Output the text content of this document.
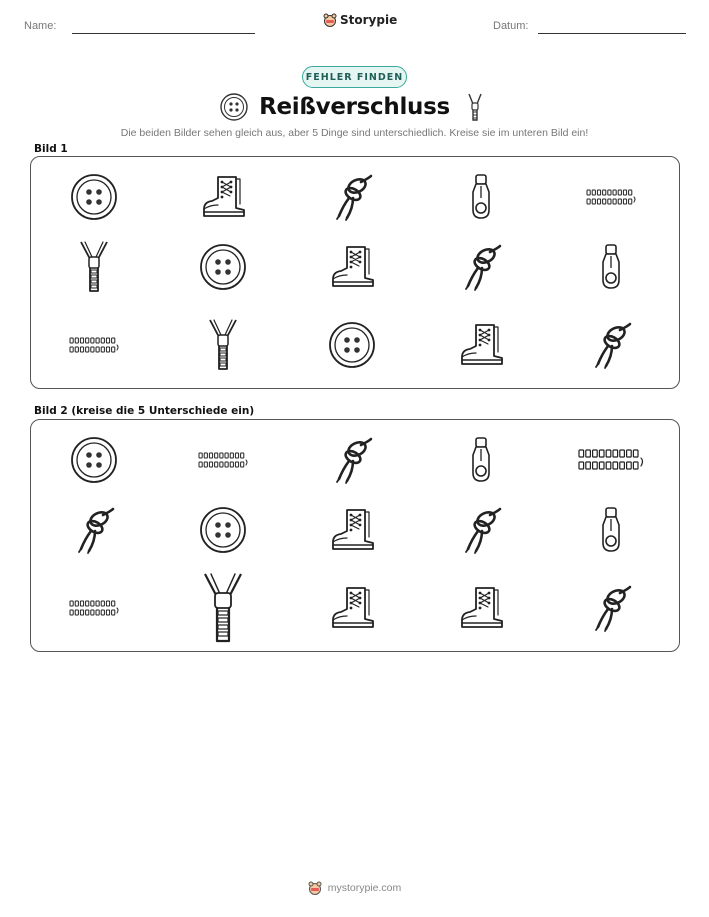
Name:	Storypie	Datum:
FEHLER FINDEN
Reißverschluss
Die beiden Bilder sehen gleich aus, aber 5 Dinge sind unterschiedlich. Kreise sie im unteren Bild ein!
Bild 1
Bild 2 (kreise die 5 Unterschiede ein)
mystorypie.com
